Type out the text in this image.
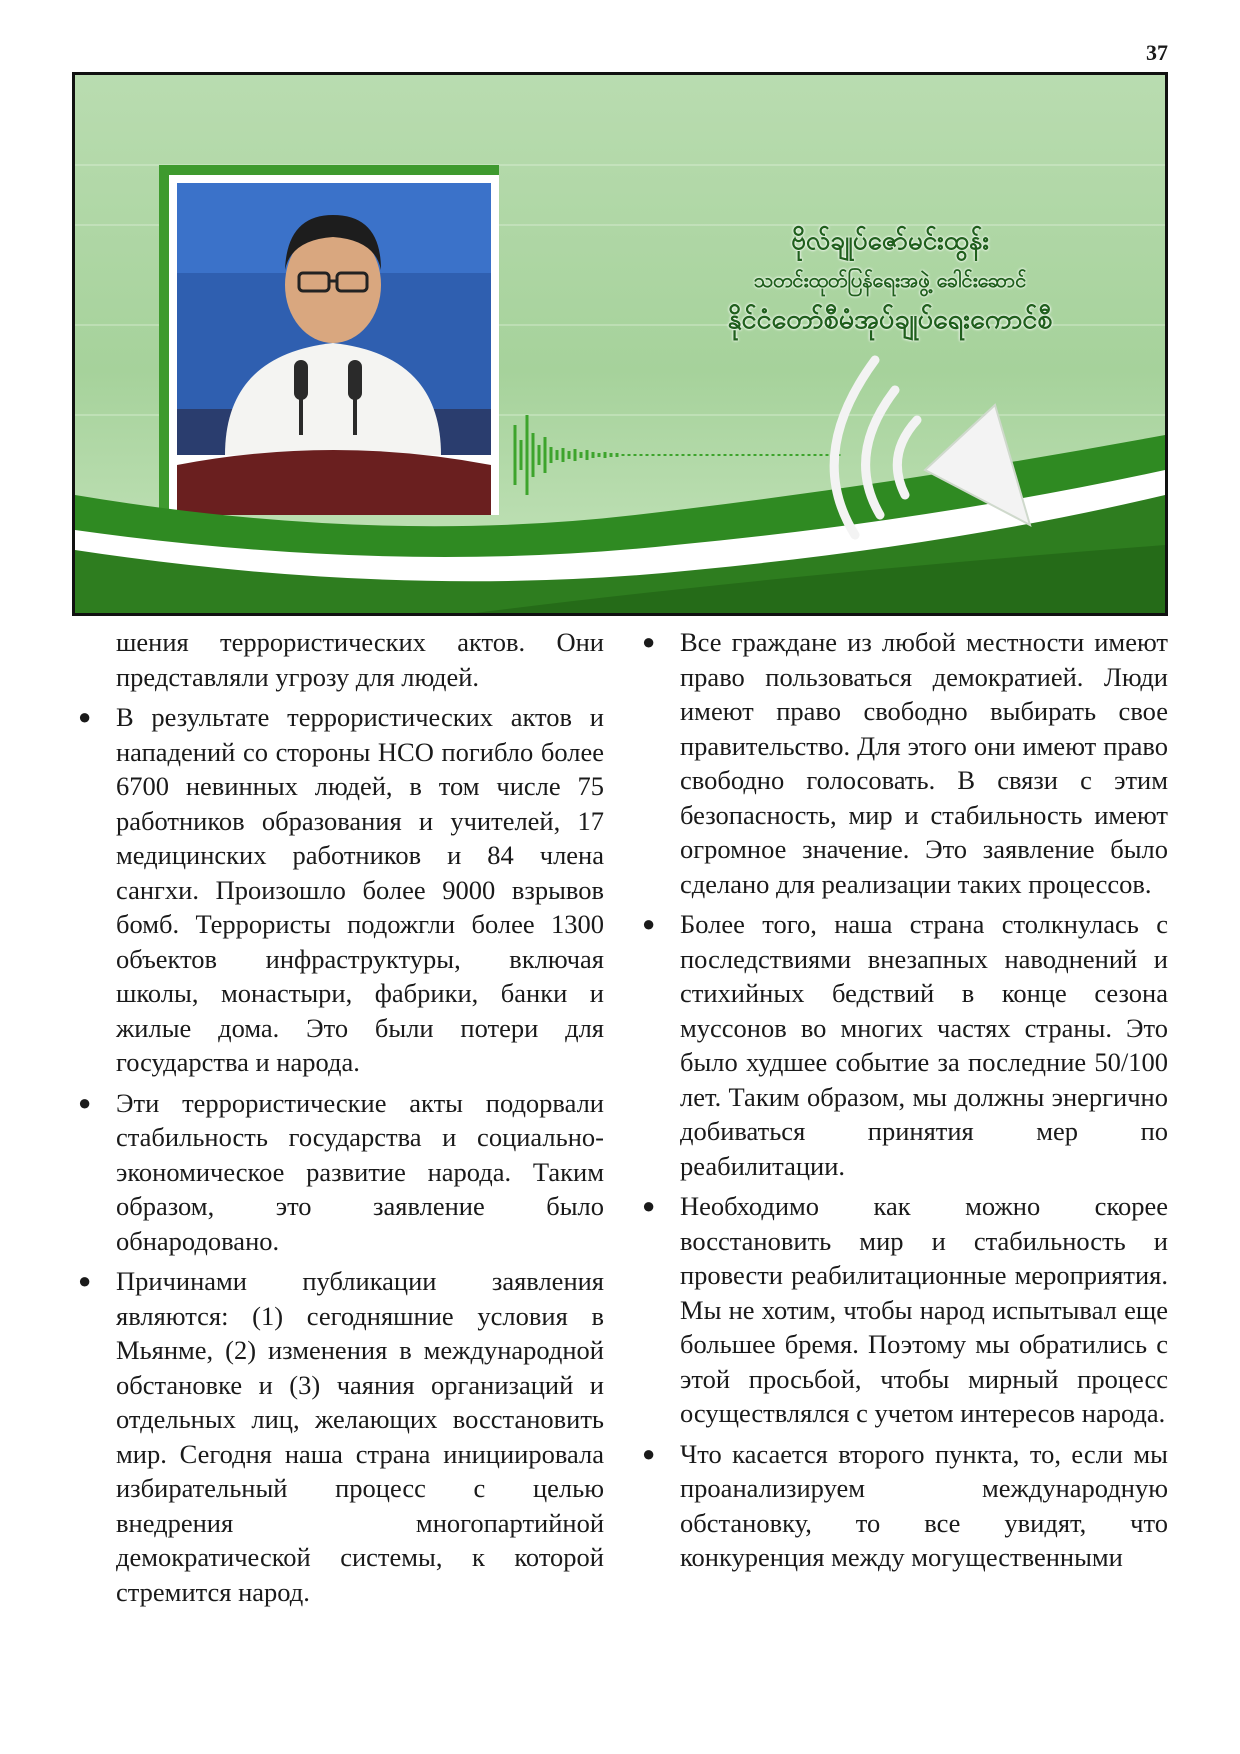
37
ဗိုလ်ချုပ်ဇော်မင်းထွန်း
သတင်းထုတ်ပြန်ရေးအဖွဲ့ ခေါင်းဆောင်
နိုင်ငံတော်စီမံအုပ်ချုပ်ရေးကောင်စီ

шения террористических актов. Они представляли угрозу для людей.

● В результате террористических актов и нападений со стороны НСО погибло более 6700 невинных людей, в том числе 75 работников образования и учителей, 17 медицинских работников и 84 члена сангхи. Произошло более 9000 взрывов бомб. Террористы подожгли более 1300 объектов инфраструктуры, включая школы, монастыри, фабрики, банки и жилые дома. Это были потери для государства и народа.

● Эти террористические акты подорвали стабильность государства и социально-экономическое развитие народа. Таким образом, это заявление было обнародовано.

● Причинами публикации заявления являются: (1) сегодняшние условия в Мьянме, (2) изменения в международной обстановке и (3) чаяния организаций и отдельных лиц, желающих восстановить мир. Сегодня наша страна инициировала избирательный процесс с целью внедрения многопартийной демократической системы, к которой стремится народ.

● Все граждане из любой местности имеют право пользоваться демократией. Люди имеют право свободно выбирать свое правительство. Для этого они имеют право свободно голосовать. В связи с этим безопасность, мир и стабильность имеют огромное значение. Это заявление было сделано для реализации таких процессов.

● Более того, наша страна столкнулась с последствиями внезапных наводнений и стихийных бедствий в конце сезона муссонов во многих частях страны. Это было худшее событие за последние 50/100 лет. Таким образом, мы должны энергично добиваться принятия мер по реабилитации.

● Необходимо как можно скорее восстановить мир и стабильность и провести реабилитационные мероприятия. Мы не хотим, чтобы народ испытывал еще большее бремя. Поэтому мы обратились с этой просьбой, чтобы мирный процесс осуществлялся с учетом интересов народа.

● Что касается второго пункта, то, если мы проанализируем международную обстановку, то все увидят, что конкуренция между могущественными
